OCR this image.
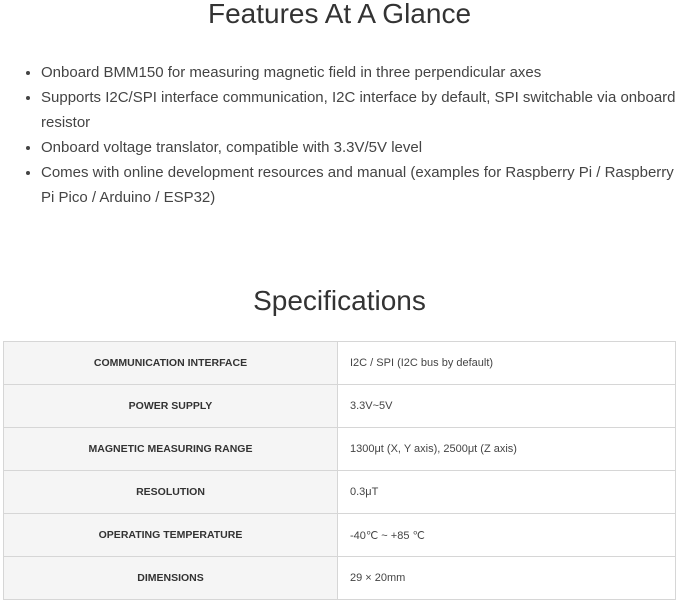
Features At A Glance
• Onboard BMM150 for measuring magnetic field in three perpendicular axes
• Supports I2C/SPI interface communication, I2C interface by default, SPI switchable via onboard resistor
• Onboard voltage translator, compatible with 3.3V/5V level
• Comes with online development resources and manual (examples for Raspberry Pi / Raspberry Pi Pico / Arduino / ESP32)
Specifications
COMMUNICATION INTERFACE	I2C / SPI (I2C bus by default)
POWER SUPPLY	3.3V~5V
MAGNETIC MEASURING RANGE	1300μt (X, Y axis), 2500μt (Z axis)
RESOLUTION	0.3μT
OPERATING TEMPERATURE	-40℃ ~ +85 ℃
DIMENSIONS	29 × 20mm
